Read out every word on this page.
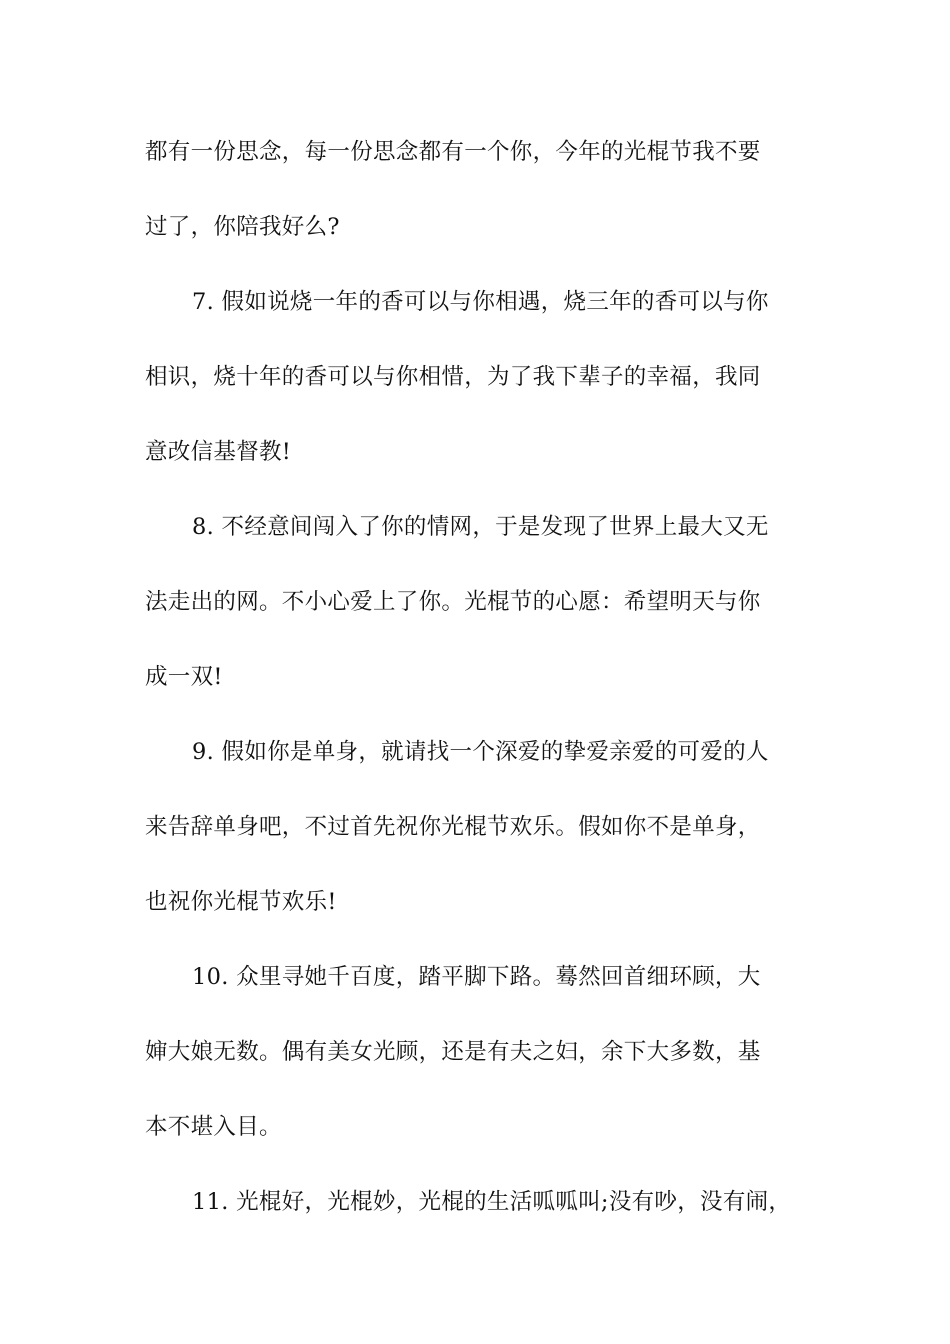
都有一份思念，每一份思念都有一个你，今年的光棍节我不要
过了，你陪我好么?
7. 假如说烧一年的香可以与你相遇，烧三年的香可以与你
相识，烧十年的香可以与你相惜，为了我下辈子的幸福，我同
意改信基督教!
8. 不经意间闯入了你的情网，于是发现了世界上最大又无
法走出的网。不小心爱上了你。光棍节的心愿：希望明天与你
成一双!
9. 假如你是单身，就请找一个深爱的挚爱亲爱的可爱的人
来告辞单身吧，不过首先祝你光棍节欢乐。假如你不是单身，
也祝你光棍节欢乐!
10. 众里寻她千百度，踏平脚下路。蓦然回首细环顾，大
婶大娘无数。偶有美女光顾，还是有夫之妇，余下大多数，基
本不堪入目。
11. 光棍好，光棍妙，光棍的生活呱呱叫;没有吵，没有闹，
